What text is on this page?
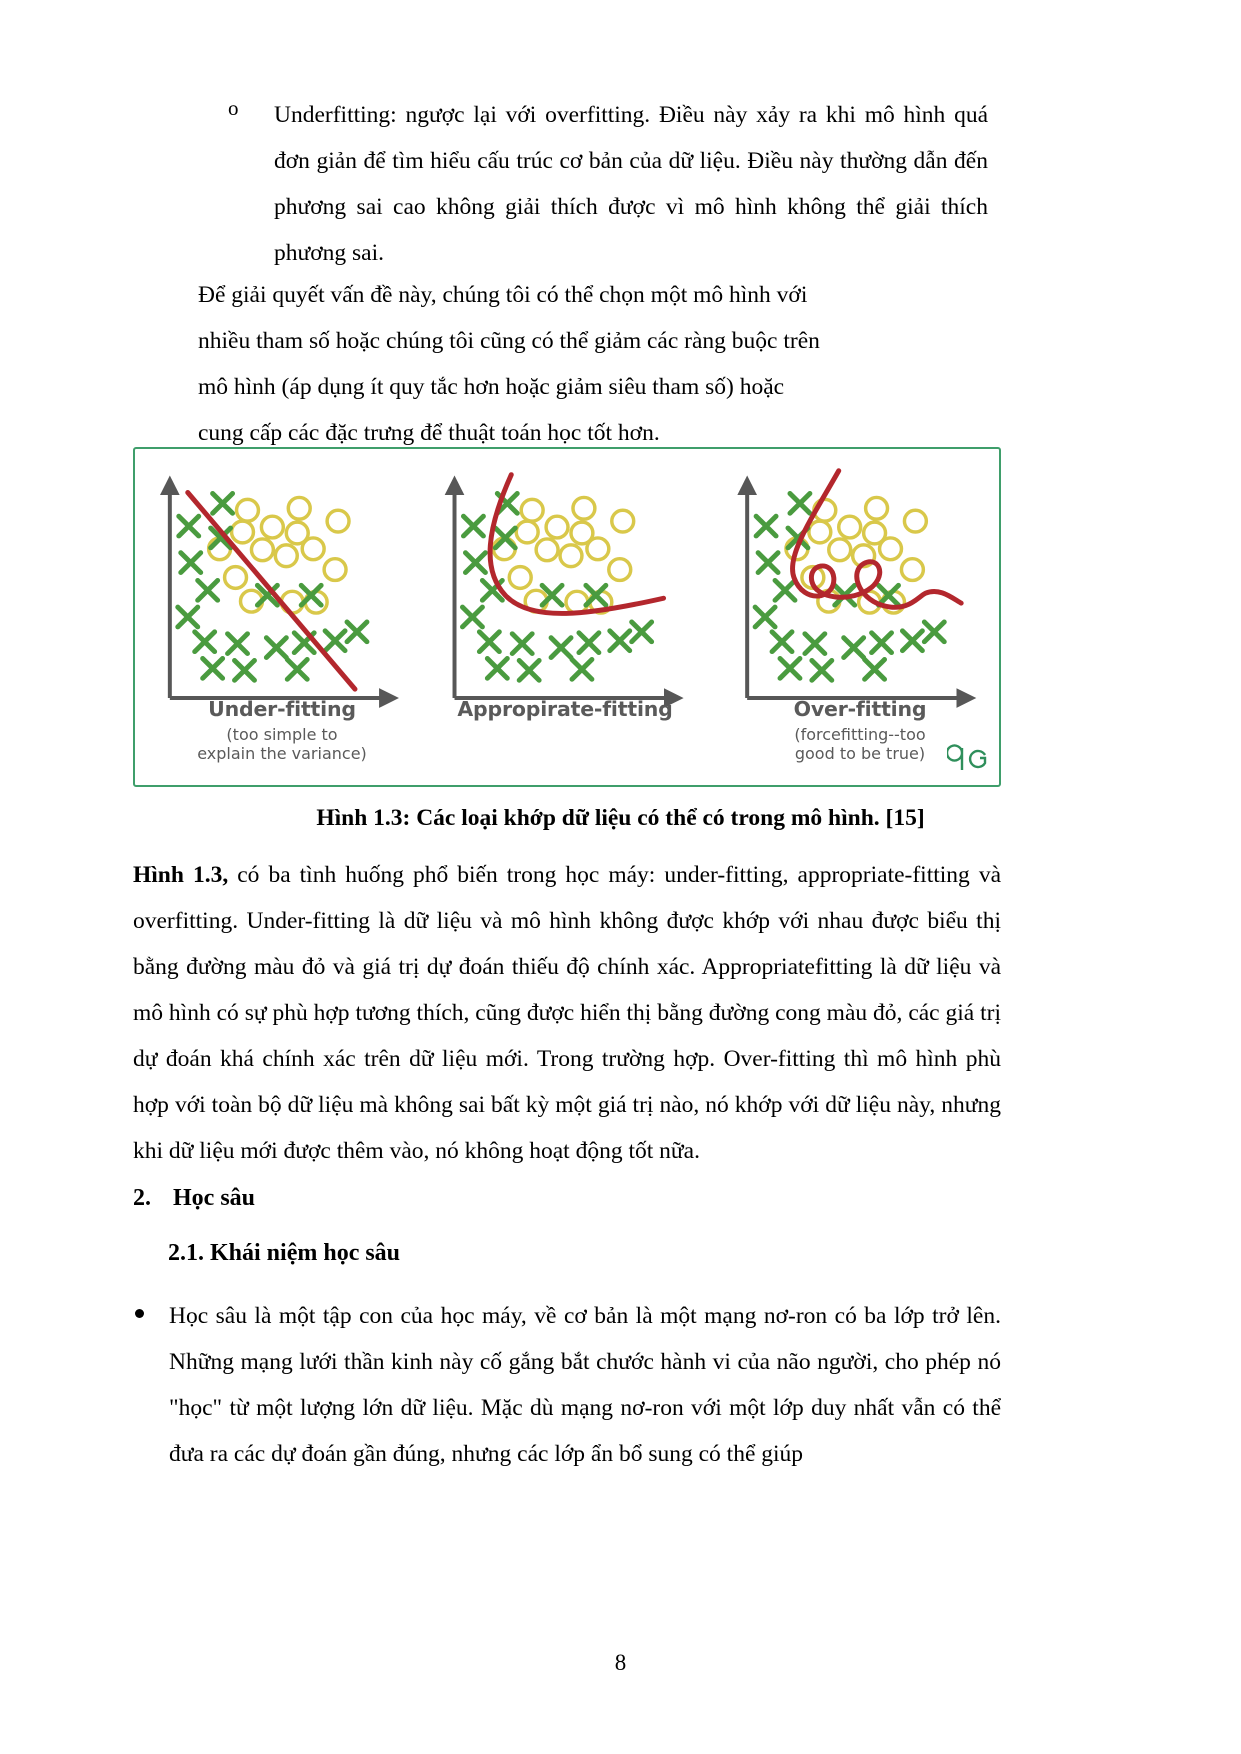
o Underfitting: ngược lại với overfitting. Điều này xảy ra khi mô hình quá đơn giản để tìm hiểu cấu trúc cơ bản của dữ liệu. Điều này thường dẫn đến phương sai cao không giải thích được vì mô hình không thể giải thích phương sai.
Để giải quyết vấn đề này, chúng tôi có thể chọn một mô hình với
nhiều tham số hoặc chúng tôi cũng có thể giảm các ràng buộc trên
mô hình (áp dụng ít quy tắc hơn hoặc giảm siêu tham số) hoặc
cung cấp các đặc trưng để thuật toán học tốt hơn.
Under-fitting
(too simple to
explain the variance)
Appropirate-fitting	Over-fitting
(forcefitting--too
good to be true)
Hình 1.3: Các loại khớp dữ liệu có thể có trong mô hình. [15]
Hình 1.3, có ba tình huống phổ biến trong học máy: under-fitting, appropriate-fitting và overfitting. Under-fitting là dữ liệu và mô hình không được khớp với nhau được biểu thị bằng đường màu đỏ và giá trị dự đoán thiếu độ chính xác. Appropriatefitting là dữ liệu và mô hình có sự phù hợp tương thích, cũng được hiển thị bằng đường cong màu đỏ, các giá trị dự đoán khá chính xác trên dữ liệu mới. Trong trường hợp. Over-fitting thì mô hình phù hợp với toàn bộ dữ liệu mà không sai bất kỳ một giá trị nào, nó khớp với dữ liệu này, nhưng khi dữ liệu mới được thêm vào, nó không hoạt động tốt nữa.
2. Học sâu
2.1. Khái niệm học sâu
Học sâu là một tập con của học máy, về cơ bản là một mạng nơ-ron có ba lớp trở lên. Những mạng lưới thần kinh này cố gắng bắt chước hành vi của não người, cho phép nó "học" từ một lượng lớn dữ liệu. Mặc dù mạng nơ-ron với một lớp duy nhất vẫn có thể đưa ra các dự đoán gần đúng, nhưng các lớp ẩn bổ sung có thể giúp
8
